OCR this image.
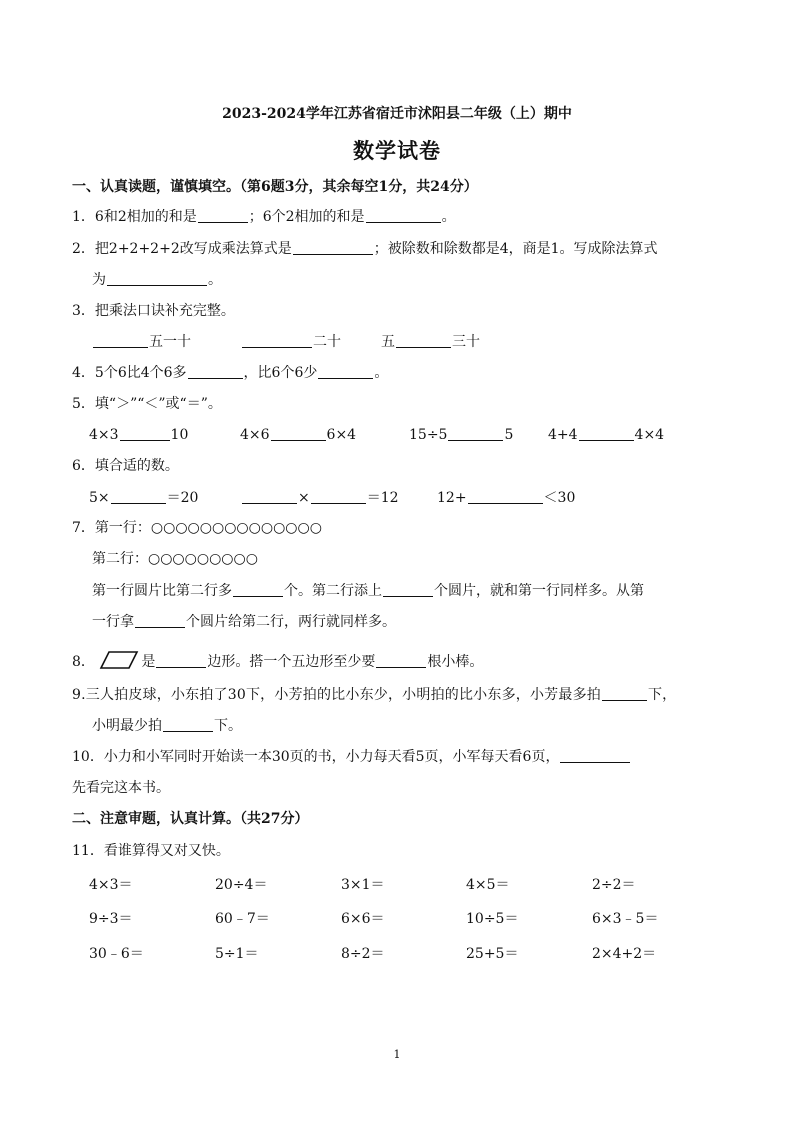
2023-2024学年江苏省宿迁市沭阳县二年级（上）期中
数学试卷
一、认真读题，谨慎填空。（第6题3分，其余每空1分，共24分）
1．6和2相加的和是	；6个2相加的和是	。
2．把2+2+2+2改写成乘法算式是	；被除数和除数都是4，商是1。写成除法算式
为	。
3．把乘法口诀补充完整。
五一十	二十	五	三十
4．5个6比4个6多	，比6个6少	。
5．填“＞”“＜”或“＝”。
4×3	10	4×6	6×4	15÷5	5 4+4	4×4
6．填合适的数。
5×	＝20	×	＝12	12+	＜30
7．第一行：○○○○○○○○○○○○○○
第二行：○○○○○○○○○
第一行圆片比第二行多	个。第二行添上	个圆片，就和第一行同样多。从第
一行拿	个圆片给第二行，两行就同样多。
8．	是	边形。搭一个五边形至少要	根小棒。
9.三人拍皮球，小东拍了30下，小芳拍的比小东少，小明拍的比小东多，小芳最多拍	下，
小明最少拍	下。
10．小力和小军同时开始读一本30页的书，小力每天看5页，小军每天看6页，
先看完这本书。
二、注意审题，认真计算。（共27分）
11．看谁算得又对又快。
4×3＝	20÷4＝	3×1＝	4×5＝	2÷2＝
9÷3＝	60﹣7＝	6×6＝	10÷5＝	6×3﹣5＝
30﹣6＝	5÷1＝	8÷2＝	25+5＝	2×4+2＝
1
